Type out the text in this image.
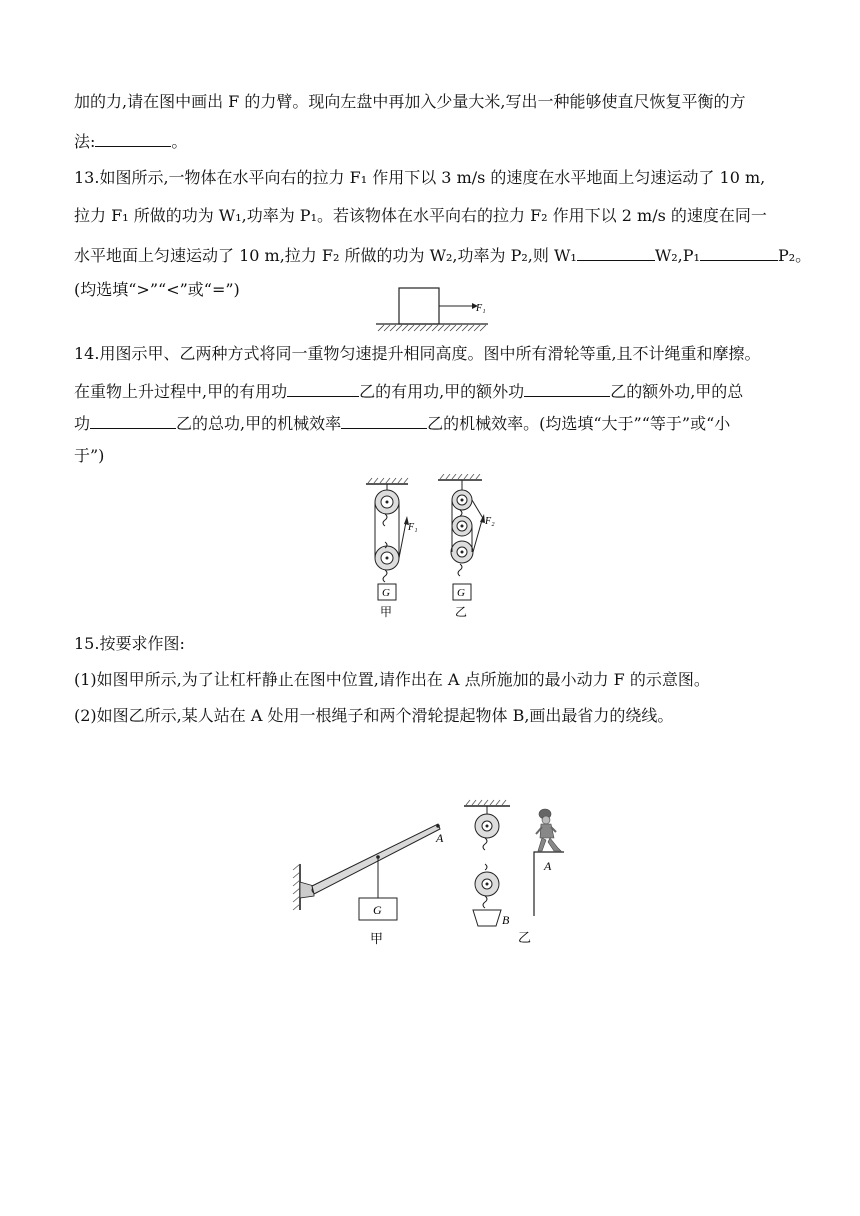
加的力,请在图中画出 F 的力臂。现向左盘中再加入少量大米,写出一种能够使直尺恢复平衡的方
法:	。
13.如图所示,一物体在水平向右的拉力 F₁ 作用下以 3 m/s 的速度在水平地面上匀速运动了 10 m,
拉力 F₁ 所做的功为 W₁,功率为 P₁。若该物体在水平向右的拉力 F₂ 作用下以 2 m/s 的速度在同一
水平地面上匀速运动了 10 m,拉力 F₂ 所做的功为 W₂,功率为 P₂,则 W₁	W₂,P₁	P₂。
(均选填“>”“<”或“=”)
F₁
14.用图示甲、乙两种方式将同一重物匀速提升相同高度。图中所有滑轮等重,且不计绳重和摩擦。
在重物上升过程中,甲的有用功	乙的有用功,甲的额外功	乙的额外功,甲的总
功	乙的总功,甲的机械效率	乙的机械效率。(均选填“大于”“等于”或“小
于”)
F₁
G
甲
F₂
G
乙
15.按要求作图:
(1)如图甲所示,为了让杠杆静止在图中位置,请作出在 A 点所施加的最小动力 F 的示意图。
(2)如图乙所示,某人站在 A 处用一根绳子和两个滑轮提起物体 B,画出最省力的绕线。
A
G
甲
B
乙
A
